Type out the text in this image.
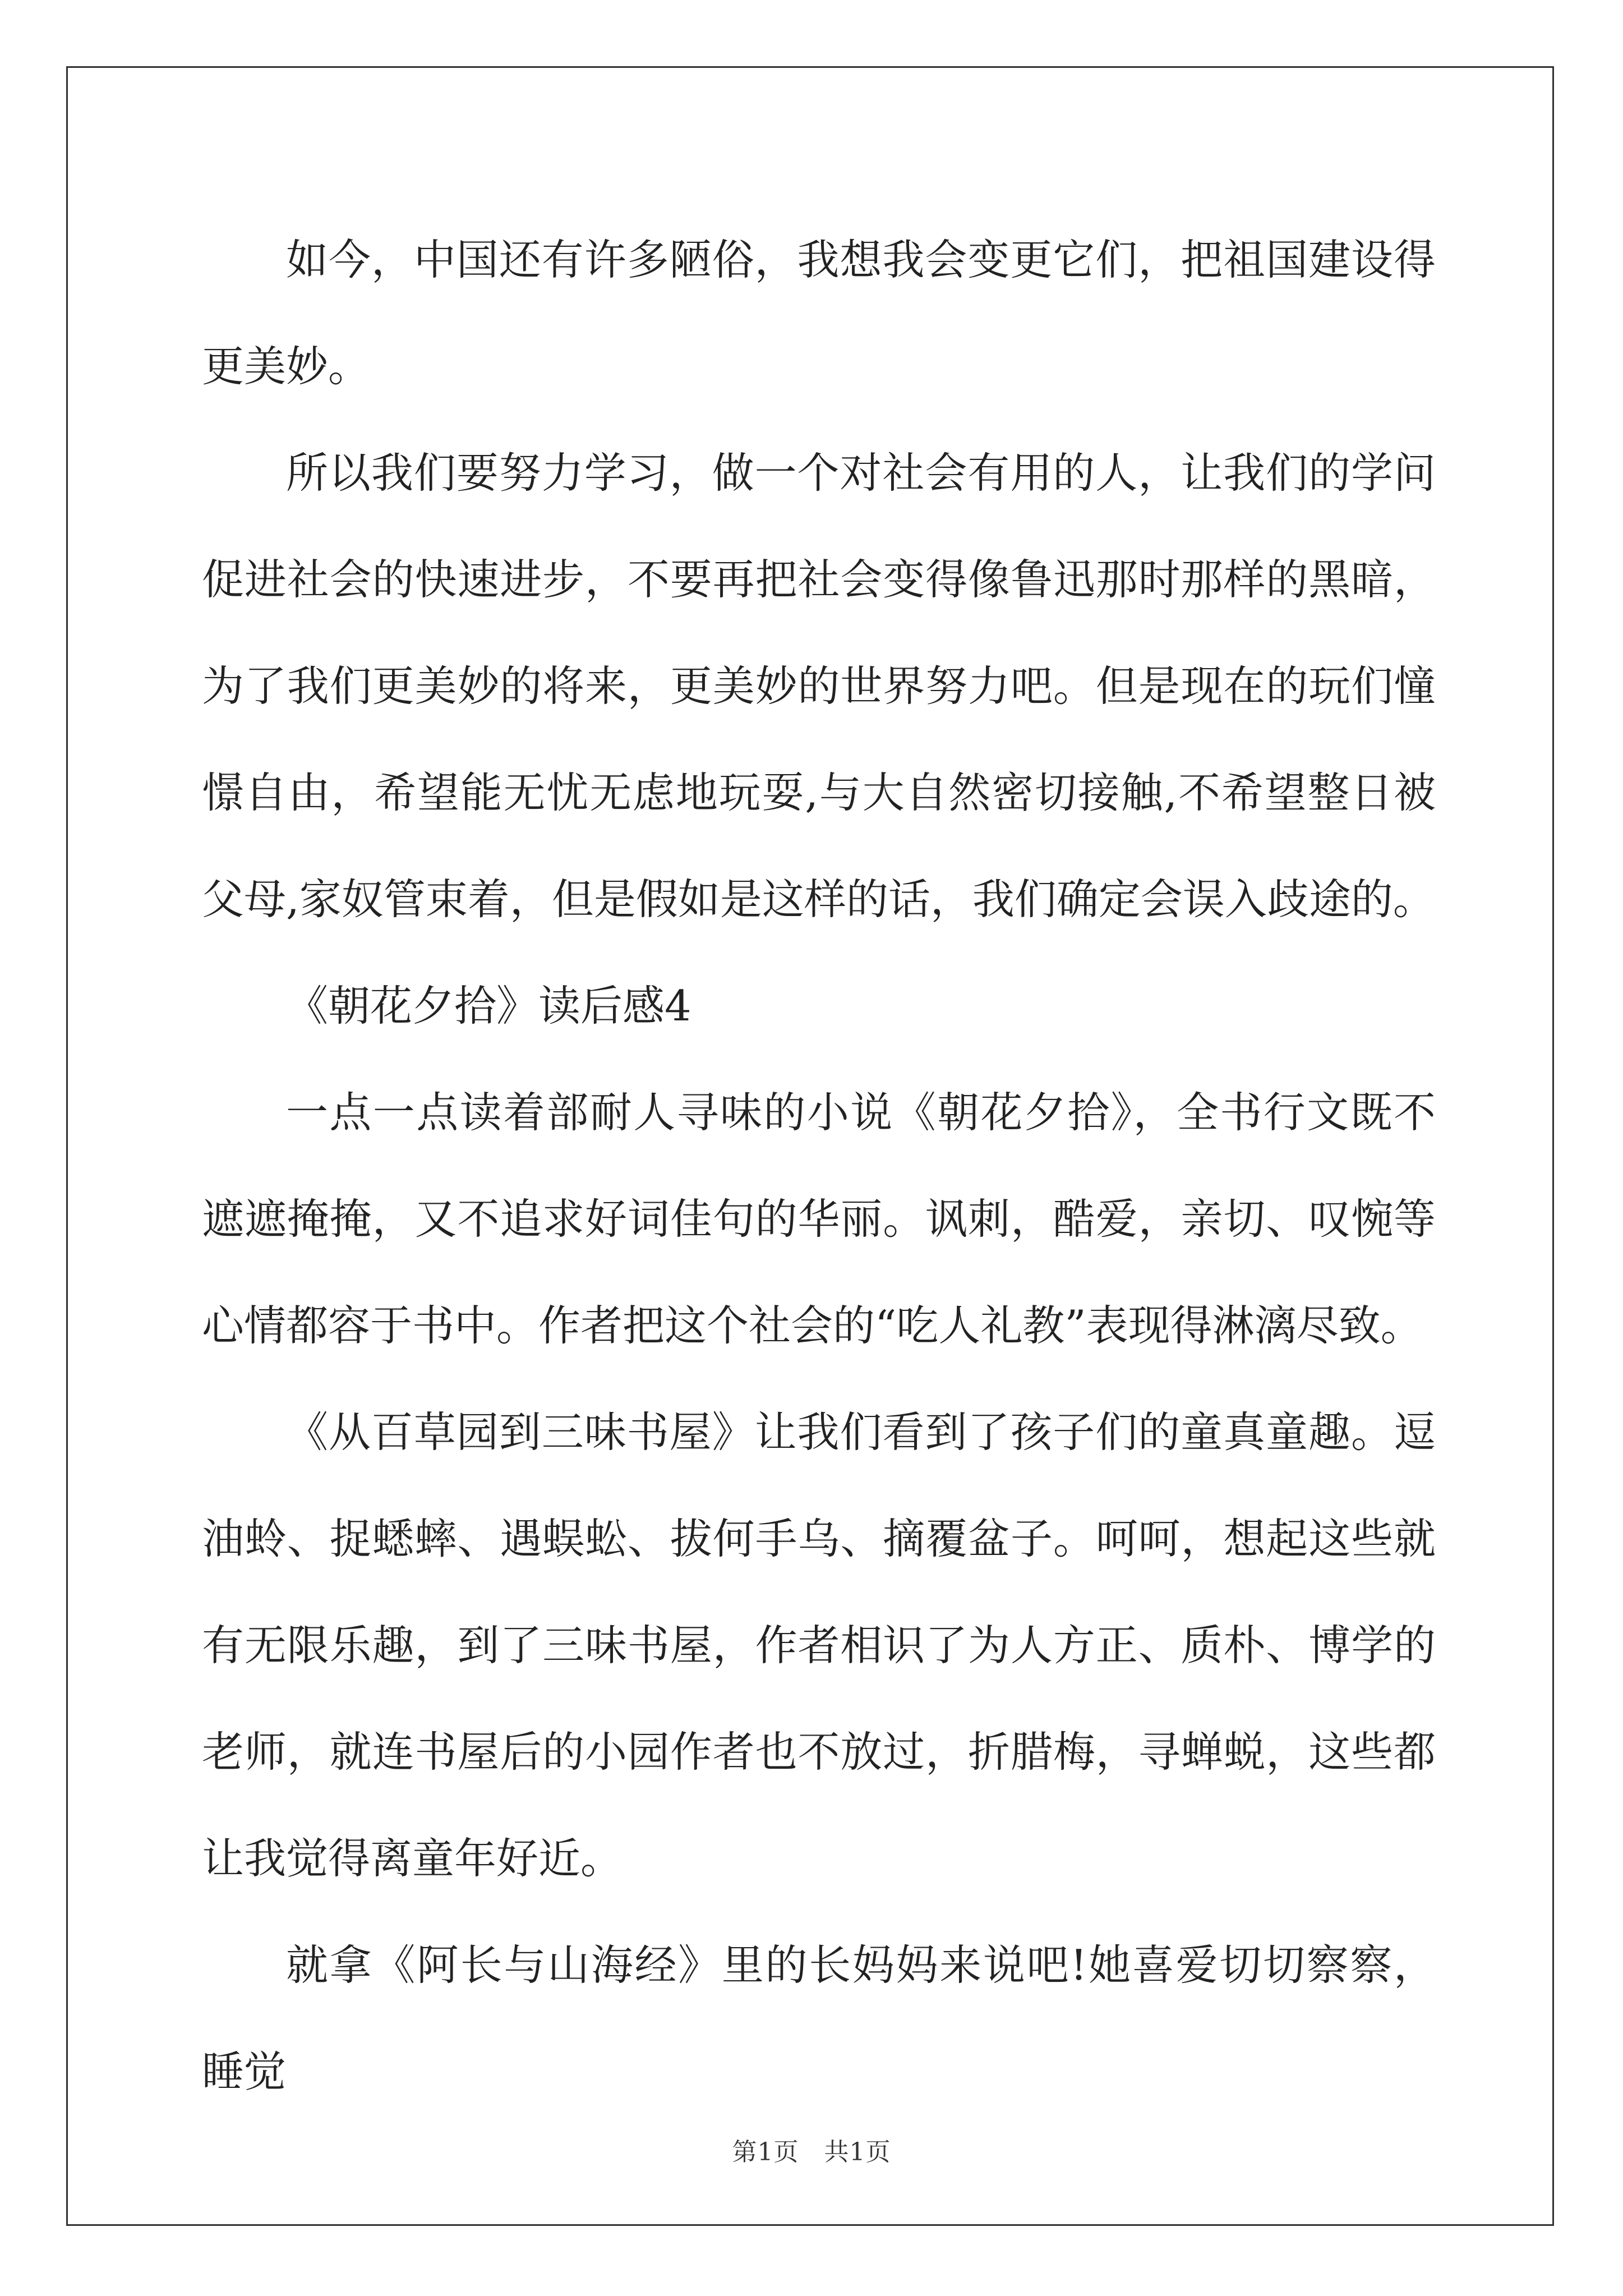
如今，中国还有许多陋俗，我想我会变更它们，把祖国建设得更美妙。

所以我们要努力学习，做一个对社会有用的人，让我们的学问促进社会的快速进步，不要再把社会变得像鲁迅那时那样的黑暗，为了我们更美妙的将来，更美妙的世界努力吧。但是现在的玩们憧憬自由，希望能无忧无虑地玩耍,与大自然密切接触,不希望整日被父母,家奴管束着，但是假如是这样的话，我们确定会误入歧途的。

《朝花夕拾》读后感4

一点一点读着部耐人寻味的小说《朝花夕拾》，全书行文既不遮遮掩掩，又不追求好词佳句的华丽。讽刺，酷爱，亲切、叹惋等心情都容于书中。作者把这个社会的“吃人礼教”表现得淋漓尽致。

《从百草园到三味书屋》让我们看到了孩子们的童真童趣。逗油蛉、捉蟋蟀、遇蜈蚣、拔何手乌、摘覆盆子。呵呵，想起这些就有无限乐趣，到了三味书屋，作者相识了为人方正、质朴、博学的老师，就连书屋后的小园作者也不放过，折腊梅，寻蝉蜕，这些都让我觉得离童年好近。

就拿《阿长与山海经》里的长妈妈来说吧!她喜爱切切察察，睡觉

第1页   共1页
